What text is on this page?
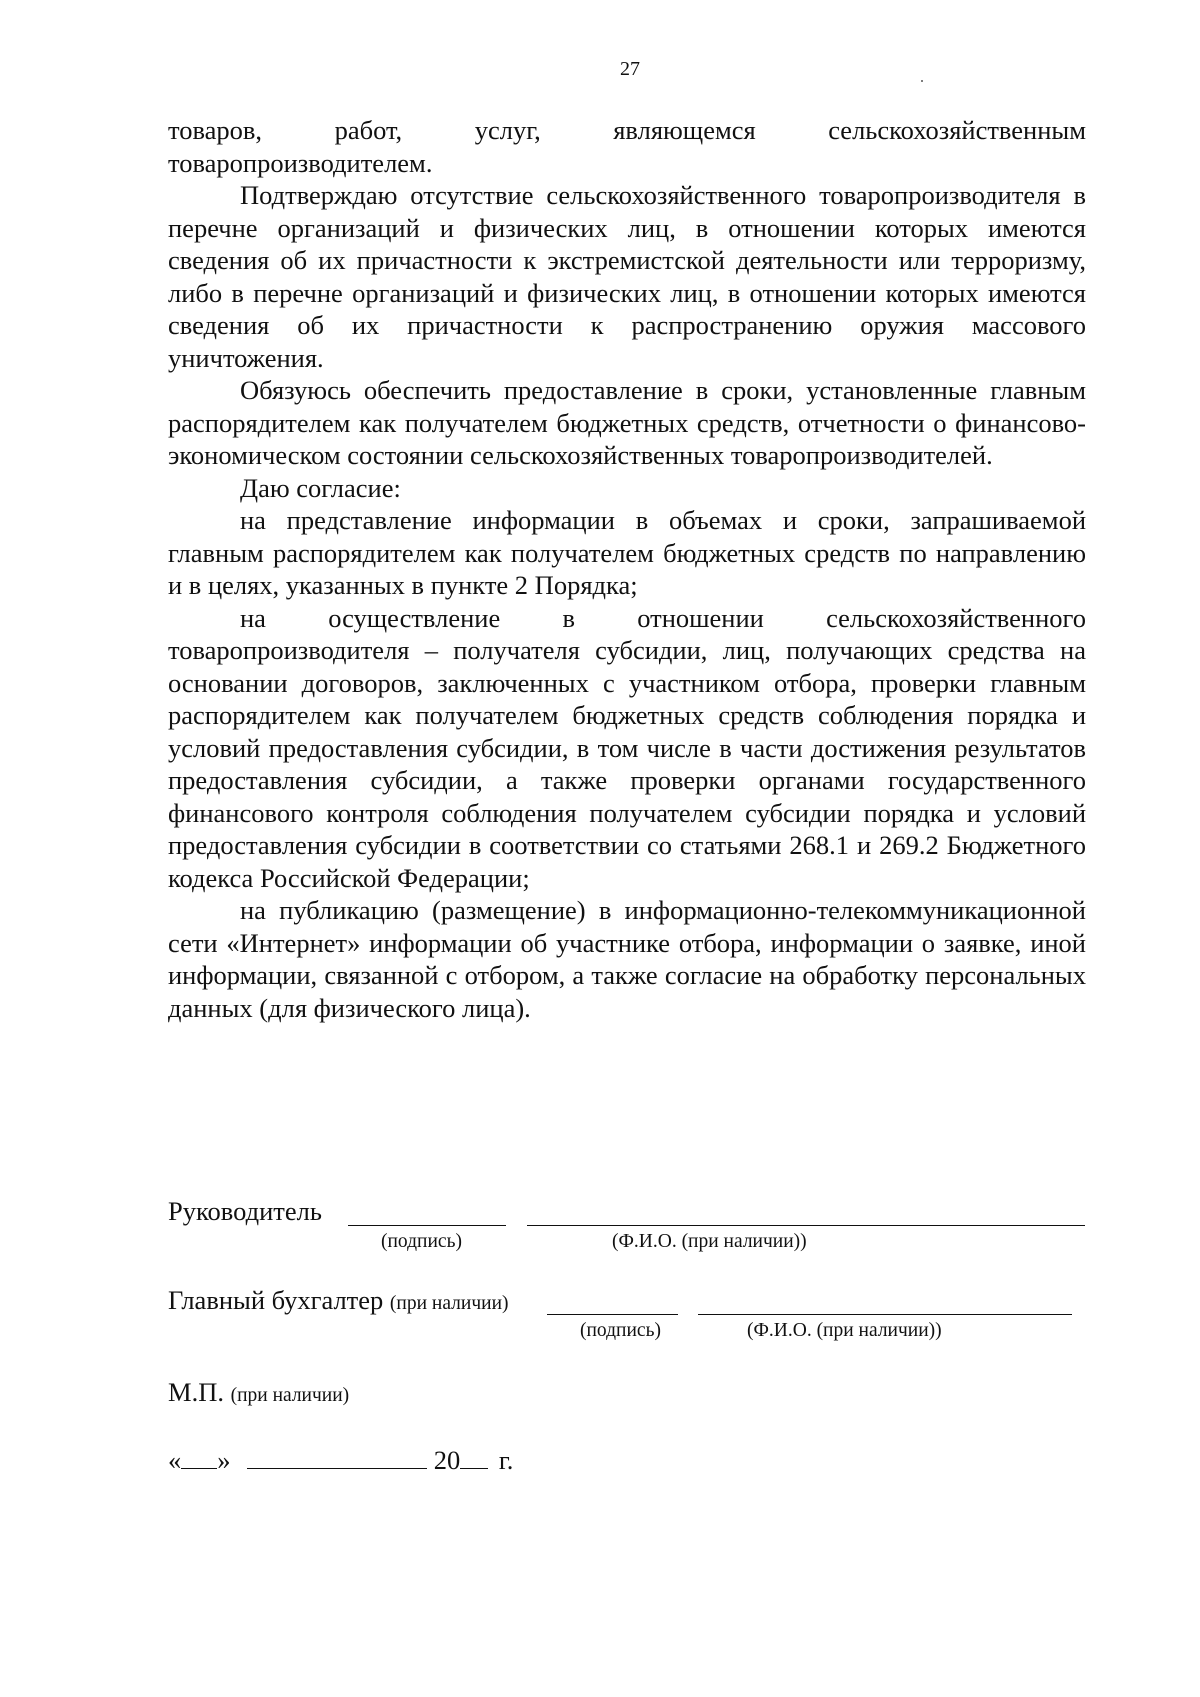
27

товаров, работ, услуг, являющемся сельскохозяйственным товаропроизводителем.

Подтверждаю отсутствие сельскохозяйственного товаропроизводителя в перечне организаций и физических лиц, в отношении которых имеются сведения об их причастности к экстремистской деятельности или терроризму, либо в перечне организаций и физических лиц, в отношении которых имеются сведения об их причастности к распространению оружия массового уничтожения.

Обязуюсь обеспечить предоставление в сроки, установленные главным распорядителем как получателем бюджетных средств, отчетности о финансово-экономическом состоянии сельскохозяйственных товаропроизводителей.

Даю согласие:

на представление информации в объемах и сроки, запрашиваемой главным распорядителем как получателем бюджетных средств по направлению и в целях, указанных в пункте 2 Порядка;

на осуществление в отношении сельскохозяйственного товаропроизводителя – получателя субсидии, лиц, получающих средства на основании договоров, заключенных с участником отбора, проверки главным распорядителем как получателем бюджетных средств соблюдения порядка и условий предоставления субсидии, в том числе в части достижения результатов предоставления субсидии, а также проверки органами государственного финансового контроля соблюдения получателем субсидии порядка и условий предоставления субсидии в соответствии со статьями 268.1 и 269.2 Бюджетного кодекса Российской Федерации;

на публикацию (размещение) в информационно-телекоммуникационной сети «Интернет» информации об участнике отбора, информации о заявке, иной информации, связанной с отбором, а также согласие на обработку персональных данных (для физического лица).

Руководитель
(подпись)	(Ф.И.О. (при наличии))
Главный бухгалтер (при наличии)
(подпись)	(Ф.И.О. (при наличии))
М.П. (при наличии)
« »	20 г.
